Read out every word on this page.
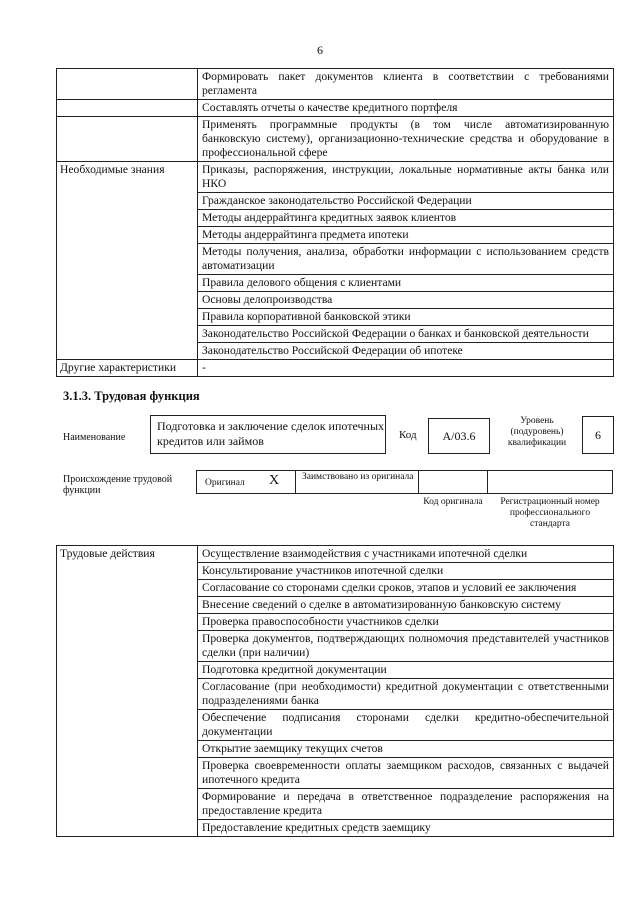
6
	Формировать пакет документов клиента в соответствии с требованиями регламента
	Составлять отчеты о качестве кредитного портфеля
	Применять программные продукты (в том числе автоматизированную банковскую систему), организационно-технические средства и оборудование в профессиональной сфере
Необходимые знания	Приказы, распоряжения, инструкции, локальные нормативные акты банка или НКО
	Гражданское законодательство Российской Федерации
	Методы андеррайтинга кредитных заявок клиентов
	Методы андеррайтинга предмета ипотеки
	Методы получения, анализа, обработки информации с использованием средств автоматизации
	Правила делового общения с клиентами
	Основы делопроизводства
	Правила корпоративной банковской этики
	Законодательство Российской Федерации о банках и банковской деятельности
	Законодательство Российской Федерации об ипотеке
Другие характеристики	-
3.1.3. Трудовая функция
Наименование
Подготовка и заключение сделок ипотечных кредитов или займов	Код	А/03.6
Уровень (подуровень) квалификации
6
Происхождение трудовой функции
Оригинал X Заимствовано из оригинала
Код оригинала	Регистрационный номер профессионального стандарта
Трудовые действия	Осуществление взаимодействия с участниками ипотечной сделки
Консультирование участников ипотечной сделки
Согласование со сторонами сделки сроков, этапов и условий ее заключения
Внесение сведений о сделке в автоматизированную банковскую систему
Проверка правоспособности участников сделки
Проверка документов, подтверждающих полномочия представителей участников сделки (при наличии)
Подготовка кредитной документации
Согласование (при необходимости) кредитной документации с ответственными подразделениями банка
Обеспечение подписания сторонами сделки кредитно-обеспечительной документации
Открытие заемщику текущих счетов
Проверка своевременности оплаты заемщиком расходов, связанных с выдачей ипотечного кредита
Формирование и передача в ответственное подразделение распоряжения на предоставление кредита
Предоставление кредитных средств заемщику
